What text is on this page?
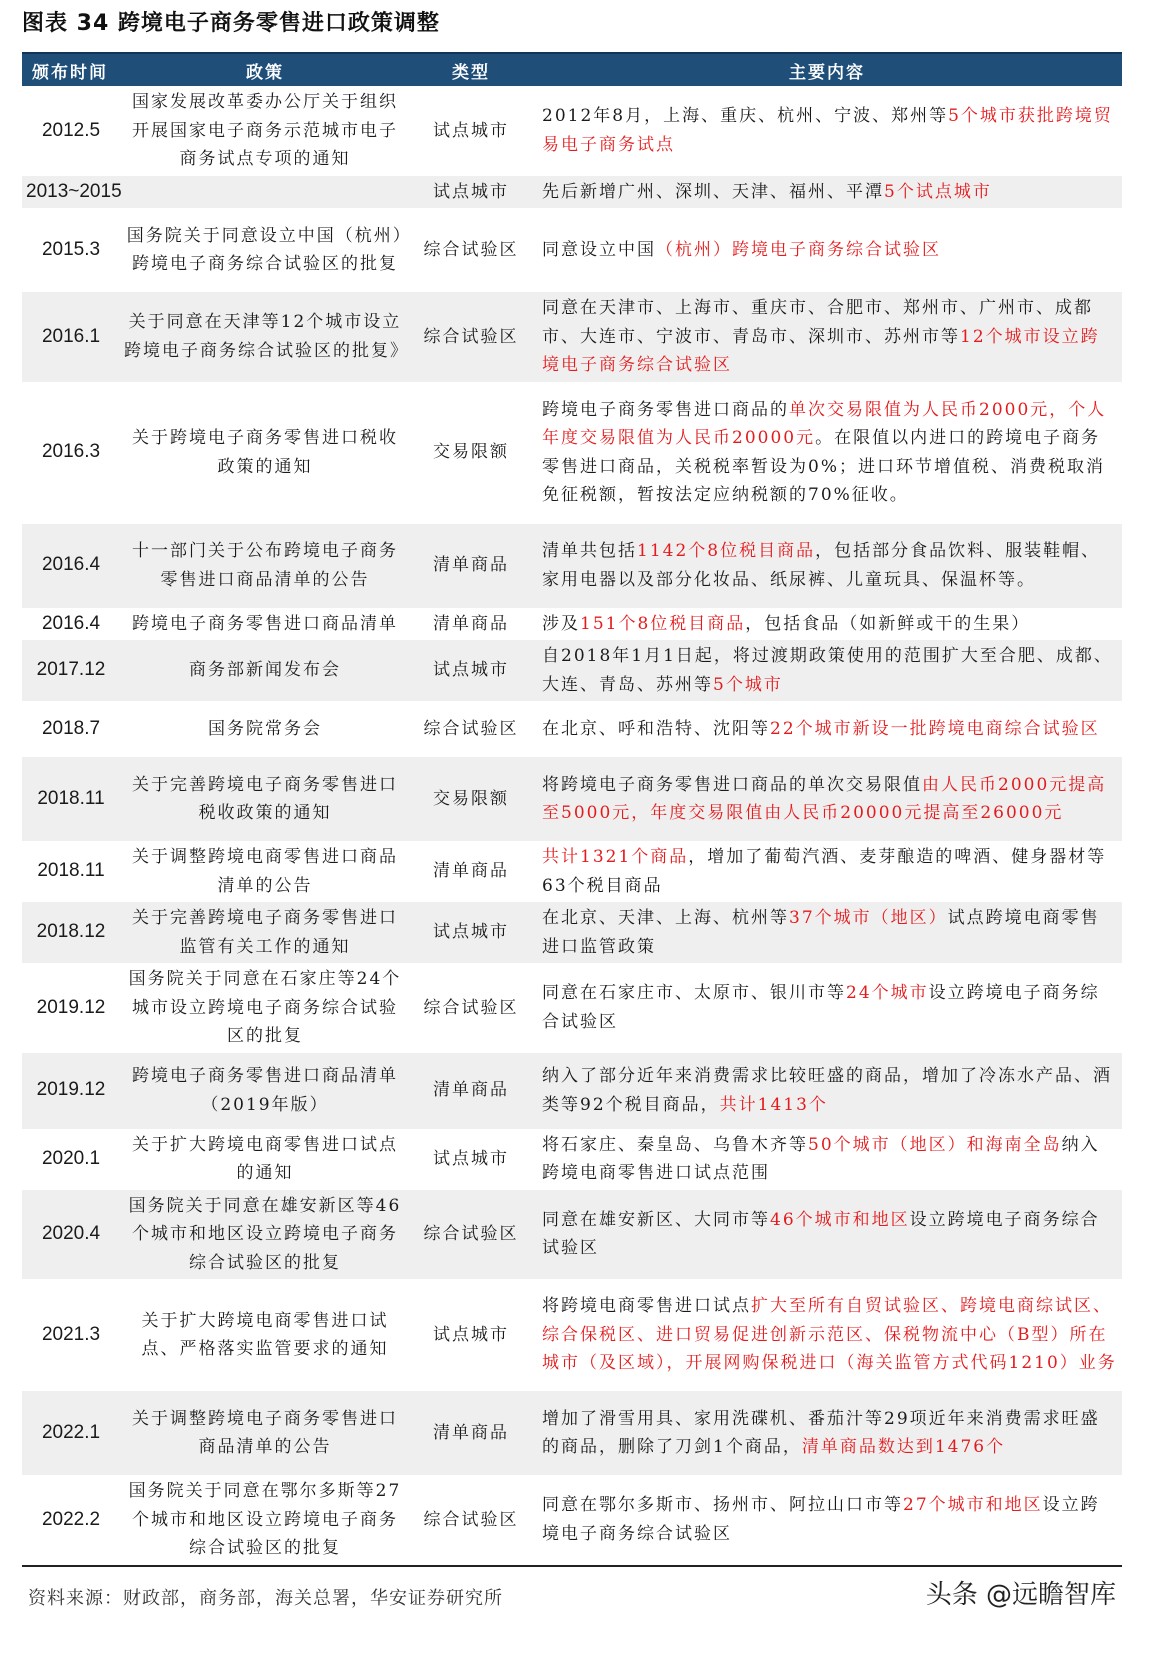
图表 34 跨境电子商务零售进口政策调整
颁布时间	政策	类型	主要内容
2012.5	国家发展改革委办公厅关于组织开展国家电子商务示范城市电子商务试点专项的通知	试点城市	2012年8月，上海、重庆、杭州、宁波、郑州等5个城市获批跨境贸易电子商务试点
2013~2015		试点城市	先后新增广州、深圳、天津、福州、平潭5个试点城市
2015.3	国务院关于同意设立中国（杭州）跨境电子商务综合试验区的批复	综合试验区	同意设立中国（杭州）跨境电子商务综合试验区
2016.1	关于同意在天津等12个城市设立跨境电子商务综合试验区的批复》	综合试验区	同意在天津市、上海市、重庆市、合肥市、郑州市、广州市、成都市、大连市、宁波市、青岛市、深圳市、苏州市等12个城市设立跨境电子商务综合试验区
2016.3	关于跨境电子商务零售进口税收政策的通知	交易限额	跨境电子商务零售进口商品的单次交易限值为人民币2000元，个人年度交易限值为人民币20000元。在限值以内进口的跨境电子商务零售进口商品，关税税率暂设为0%；进口环节增值税、消费税取消免征税额，暂按法定应纳税额的70%征收。
2016.4	十一部门关于公布跨境电子商务零售进口商品清单的公告	清单商品	清单共包括1142个8位税目商品，包括部分食品饮料、服装鞋帽、家用电器以及部分化妆品、纸尿裤、儿童玩具、保温杯等。
2016.4	跨境电子商务零售进口商品清单	清单商品	涉及151个8位税目商品，包括食品（如新鲜或干的生果）
2017.12	商务部新闻发布会	试点城市	自2018年1月1日起，将过渡期政策使用的范围扩大至合肥、成都、大连、青岛、苏州等5个城市
2018.7	国务院常务会	综合试验区	在北京、呼和浩特、沈阳等22个城市新设一批跨境电商综合试验区
2018.11	关于完善跨境电子商务零售进口税收政策的通知	交易限额	将跨境电子商务零售进口商品的单次交易限值由人民币2000元提高至5000元，年度交易限值由人民币20000元提高至26000元
2018.11	关于调整跨境电商零售进口商品清单的公告	清单商品	共计1321个商品，增加了葡萄汽酒、麦芽酿造的啤酒、健身器材等63个税目商品
2018.12	关于完善跨境电子商务零售进口监管有关工作的通知	试点城市	在北京、天津、上海、杭州等37个城市（地区）试点跨境电商零售进口监管政策
2019.12	国务院关于同意在石家庄等24个城市设立跨境电子商务综合试验区的批复	综合试验区	同意在石家庄市、太原市、银川市等24个城市设立跨境电子商务综合试验区
2019.12	跨境电子商务零售进口商品清单（2019年版）	清单商品	纳入了部分近年来消费需求比较旺盛的商品，增加了冷冻水产品、酒类等92个税目商品，共计1413个
2020.1	关于扩大跨境电商零售进口试点的通知	试点城市	将石家庄、秦皇岛、乌鲁木齐等50个城市（地区）和海南全岛纳入跨境电商零售进口试点范围
2020.4	国务院关于同意在雄安新区等46个城市和地区设立跨境电子商务综合试验区的批复	综合试验区	同意在雄安新区、大同市等46个城市和地区设立跨境电子商务综合试验区
2021.3	关于扩大跨境电商零售进口试点、严格落实监管要求的通知	试点城市	将跨境电商零售进口试点扩大至所有自贸试验区、跨境电商综试区、综合保税区、进口贸易促进创新示范区、保税物流中心（B型）所在城市（及区域），开展网购保税进口（海关监管方式代码1210）业务
2022.1	关于调整跨境电子商务零售进口商品清单的公告	清单商品	增加了滑雪用具、家用洗碟机、番茄汁等29项近年来消费需求旺盛的商品，删除了刀剑1个商品，清单商品数达到1476个
2022.2	国务院关于同意在鄂尔多斯等27个城市和地区设立跨境电子商务综合试验区的批复	综合试验区	同意在鄂尔多斯市、扬州市、阿拉山口市等27个城市和地区设立跨境电子商务综合试验区
资料来源：财政部，商务部，海关总署，华安证券研究所	头条 @远瞻智库
